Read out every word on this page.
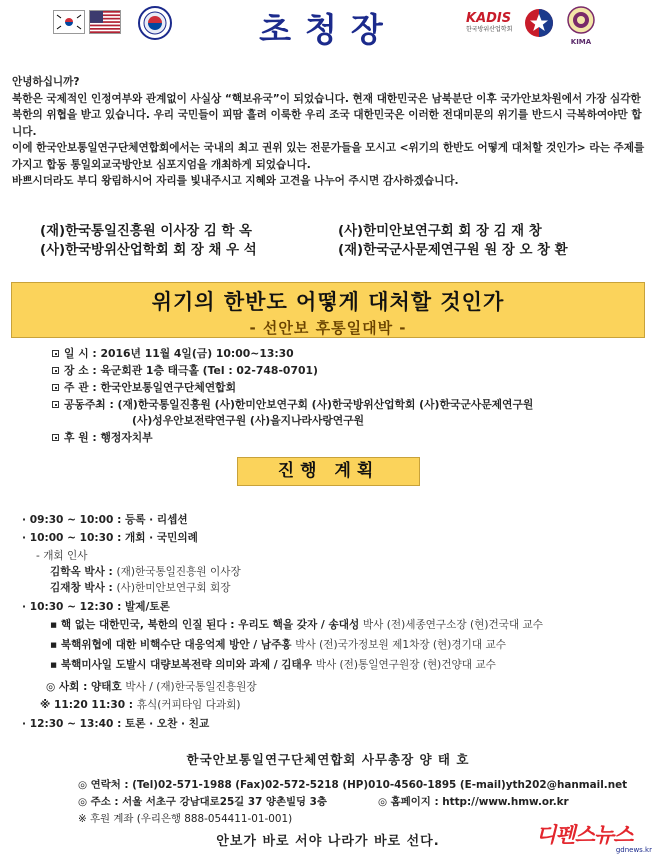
초청장	KADIS
한국방위산업학회
KIMA

안녕하십니까?

북한은 국제적인 인정여부와 관계없이 사실상 “핵보유국”이 되었습니다. 현재 대한민국은 남북분단 이후 국가안보차원에서 가장 심각한 북한의 위협을 받고 있습니다. 우리 국민들이 피땀 흘려 이룩한 우리 조국 대한민국은 이러한 전대미문의 위기를 반드시 극복하여야만 합니다.

이에 한국안보통일연구단체연합회에서는 국내의 최고 권위 있는 전문가들을 모시고 <위기의 한반도 어떻게 대처할 것인가> 라는 주제를 가지고 합동 통일외교국방안보 심포지엄을 개최하게 되었습니다.

바쁘시더라도 부디 왕림하시어 자리를 빛내주시고 지혜와 고견을 나누어 주시면 감사하겠습니다.

(재)한국통일진흥원 이사장 김 학 옥	(사)한미안보연구회 회 장 김 재 창
(사)한국방위산업학회 회 장 채 우 석	(재)한국군사문제연구원 원 장 오 창 환
위기의 한반도 어떻게 대처할 것인가
- 선안보 후통일대박 -
일 시 : 2016년 11월 4일(금) 10:00~13:30
장 소 : 육군회관 1층 태극홀 (Tel : 02-748-0701)
주 관 : 한국안보통일연구단체연합회
공동주최 : (재)한국통일진흥원 (사)한미안보연구회 (사)한국방위산업학회 (사)한국군사문제연구원
(사)성우안보전략연구원 (사)을지나라사랑연구원
후 원 : 행정자치부
진행 계획
· 09:30 ~ 10:00 : 등록 · 리셉션
· 10:00 ~ 10:30 : 개회 · 국민의례
- 개회 인사
김학옥 박사 : (재)한국통일진흥원 이사장
김재창 박사 : (사)한미안보연구회 회장
· 10:30 ~ 12:30 : 발제/토론
▪ 핵 없는 대한민국, 북한의 인질 된다 : 우리도 핵을 갖자 / 송대성 박사 (전)세종연구소장 (현)건국대 교수
▪ 북핵위협에 대한 비핵수단 대응억제 방안 / 남주홍 박사 (전)국가정보원 제1차장 (현)경기대 교수
▪ 북핵미사일 도발시 대량보복전략 의미와 과제 / 김태우 박사 (전)통일연구원장 (현)건양대 교수
◎ 사회 : 양태호 박사 / (재)한국통일진흥원장
※ 11:20 11:30 : 휴식(커피타임 다과회)
· 12:30 ~ 13:40 : 토론 · 오찬 · 친교
한국안보통일연구단체연합회 사무총장 양 태 호
◎ 연락처 : (Tel)02-571-1988 (Fax)02-572-5218 (HP)010-4560-1895 (E-mail)yth202@hanmail.net
◎ 주소 : 서울 서초구 강남대로25길 37 양촌빌딩 3층	◎ 홈페이지 : http://www.hmw.or.kr
※ 후원 계좌 (우리은행 888-054411-01-001)
안보가 바로 서야 나라가 바로 선다.	디펜스뉴스
gdnews.kr
